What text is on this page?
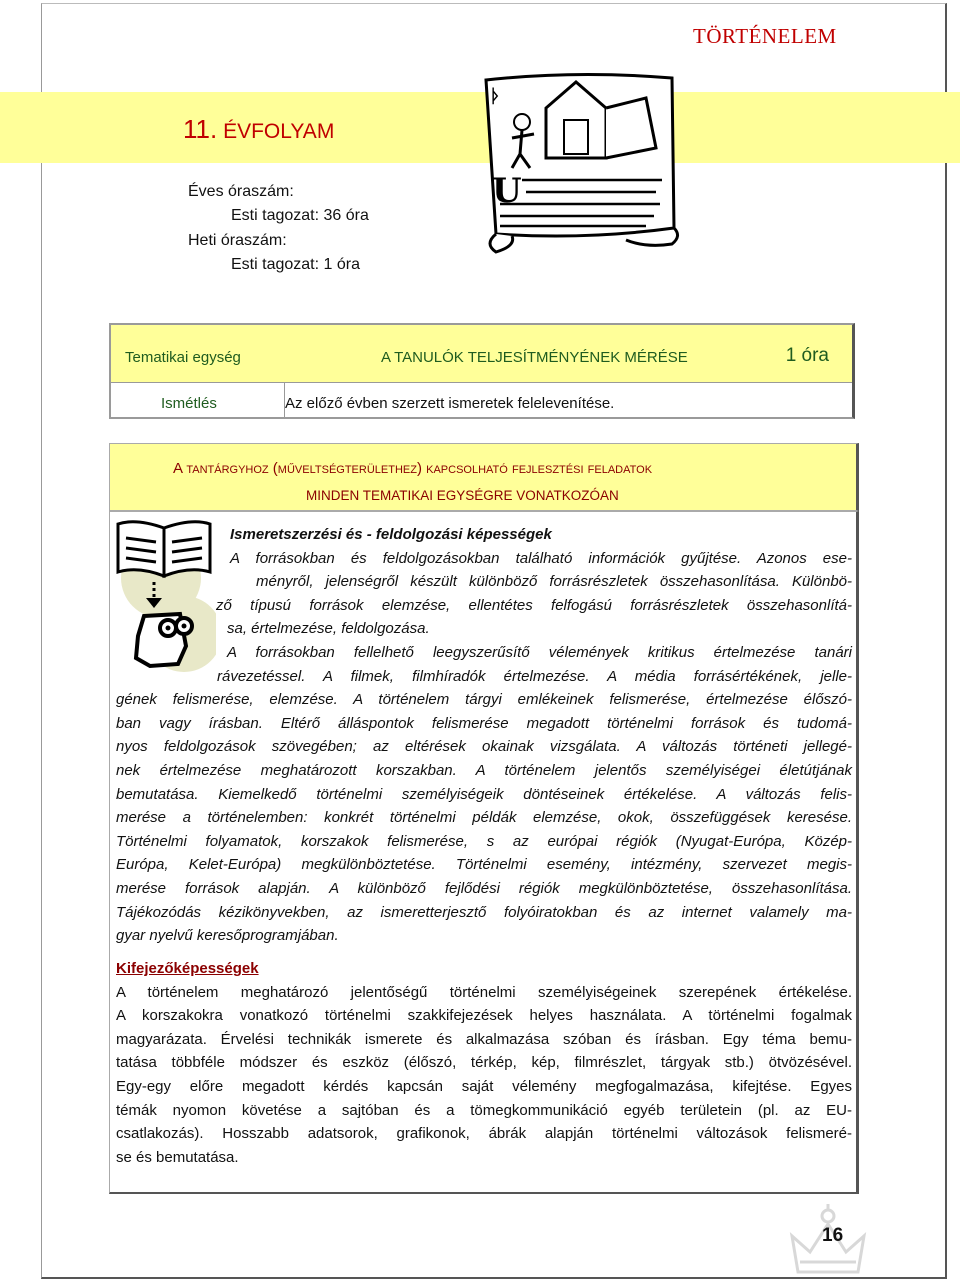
TÖRTÉNELEM
11. ÉVFOLYAM
ᚦ
U
Éves óraszám:
Esti tagozat: 36 óra
Heti óraszám:
Esti tagozat: 1 óra
Tematikai egység	A TANULÓK TELJESÍTMÉNYÉNEK MÉRÉSE	1 óra
Ismétlés	Az előző évben szerzett ismeretek felelevenítése.
A tantárgyhoz (műveltségterülethez) kapcsolható fejlesztési feladatok
MINDEN TEMATIKAI EGYSÉGRE VONATKOZÓAN
Ismeretszerzési és - feldolgozási képességek
A forrásokban és feldolgozásokban található információk gyűjtése. Azonos ese-
ményről, jelenségről készült különböző forrásrészletek összehasonlítása. Különbö-
ző típusú források elemzése, ellentétes felfogású forrásrészletek összehasonlítá-
sa, értelmezése, feldolgozása.
A forrásokban fellelhető leegyszerűsítő vélemények kritikus értelmezése tanári
rávezetéssel. A filmek, filmhíradók értelmezése. A média forrásértékének, jelle-
gének felismerése, elemzése. A történelem tárgyi emlékeinek felismerése, értelmezése élőszó-
ban vagy írásban. Eltérő álláspontok felismerése megadott történelmi források és tudomá-
nyos feldolgozások szövegében; az eltérések okainak vizsgálata. A változás történeti jellegé-
nek értelmezése meghatározott korszakban. A történelem jelentős személyiségei életútjának
bemutatása. Kiemelkedő történelmi személyiségeik döntéseinek értékelése. A változás felis-
merése a történelemben: konkrét történelmi példák elemzése, okok, összefüggések keresése.
Történelmi folyamatok, korszakok felismerése, s az európai régiók (Nyugat-Európa, Közép-
Európa, Kelet-Európa) megkülönböztetése. Történelmi esemény, intézmény, szervezet megis-
merése források alapján. A különböző fejlődési régiók megkülönböztetése, összehasonlítása.
Tájékozódás kézikönyvekben, az ismeretterjesztő folyóiratokban és az internet valamely ma-
gyar nyelvű keresőprogramjában.
Kifejezőképességek
A történelem meghatározó jelentőségű történelmi személyiségeinek szerepének értékelése.
A korszakokra vonatkozó történelmi szakkifejezések helyes használata. A történelmi fogalmak
magyarázata. Érvelési technikák ismerete és alkalmazása szóban és írásban. Egy téma bemu-
tatása többféle módszer és eszköz (élőszó, térkép, kép, filmrészlet, tárgyak stb.) ötvözésével.
Egy-egy előre megadott kérdés kapcsán saját vélemény megfogalmazása, kifejtése. Egyes
témák nyomon követése a sajtóban és a tömegkommunikáció egyéb területein (pl. az EU-
csatlakozás). Hosszabb adatsorok, grafikonok, ábrák alapján történelmi változások felismeré-
se és bemutatása.
16
